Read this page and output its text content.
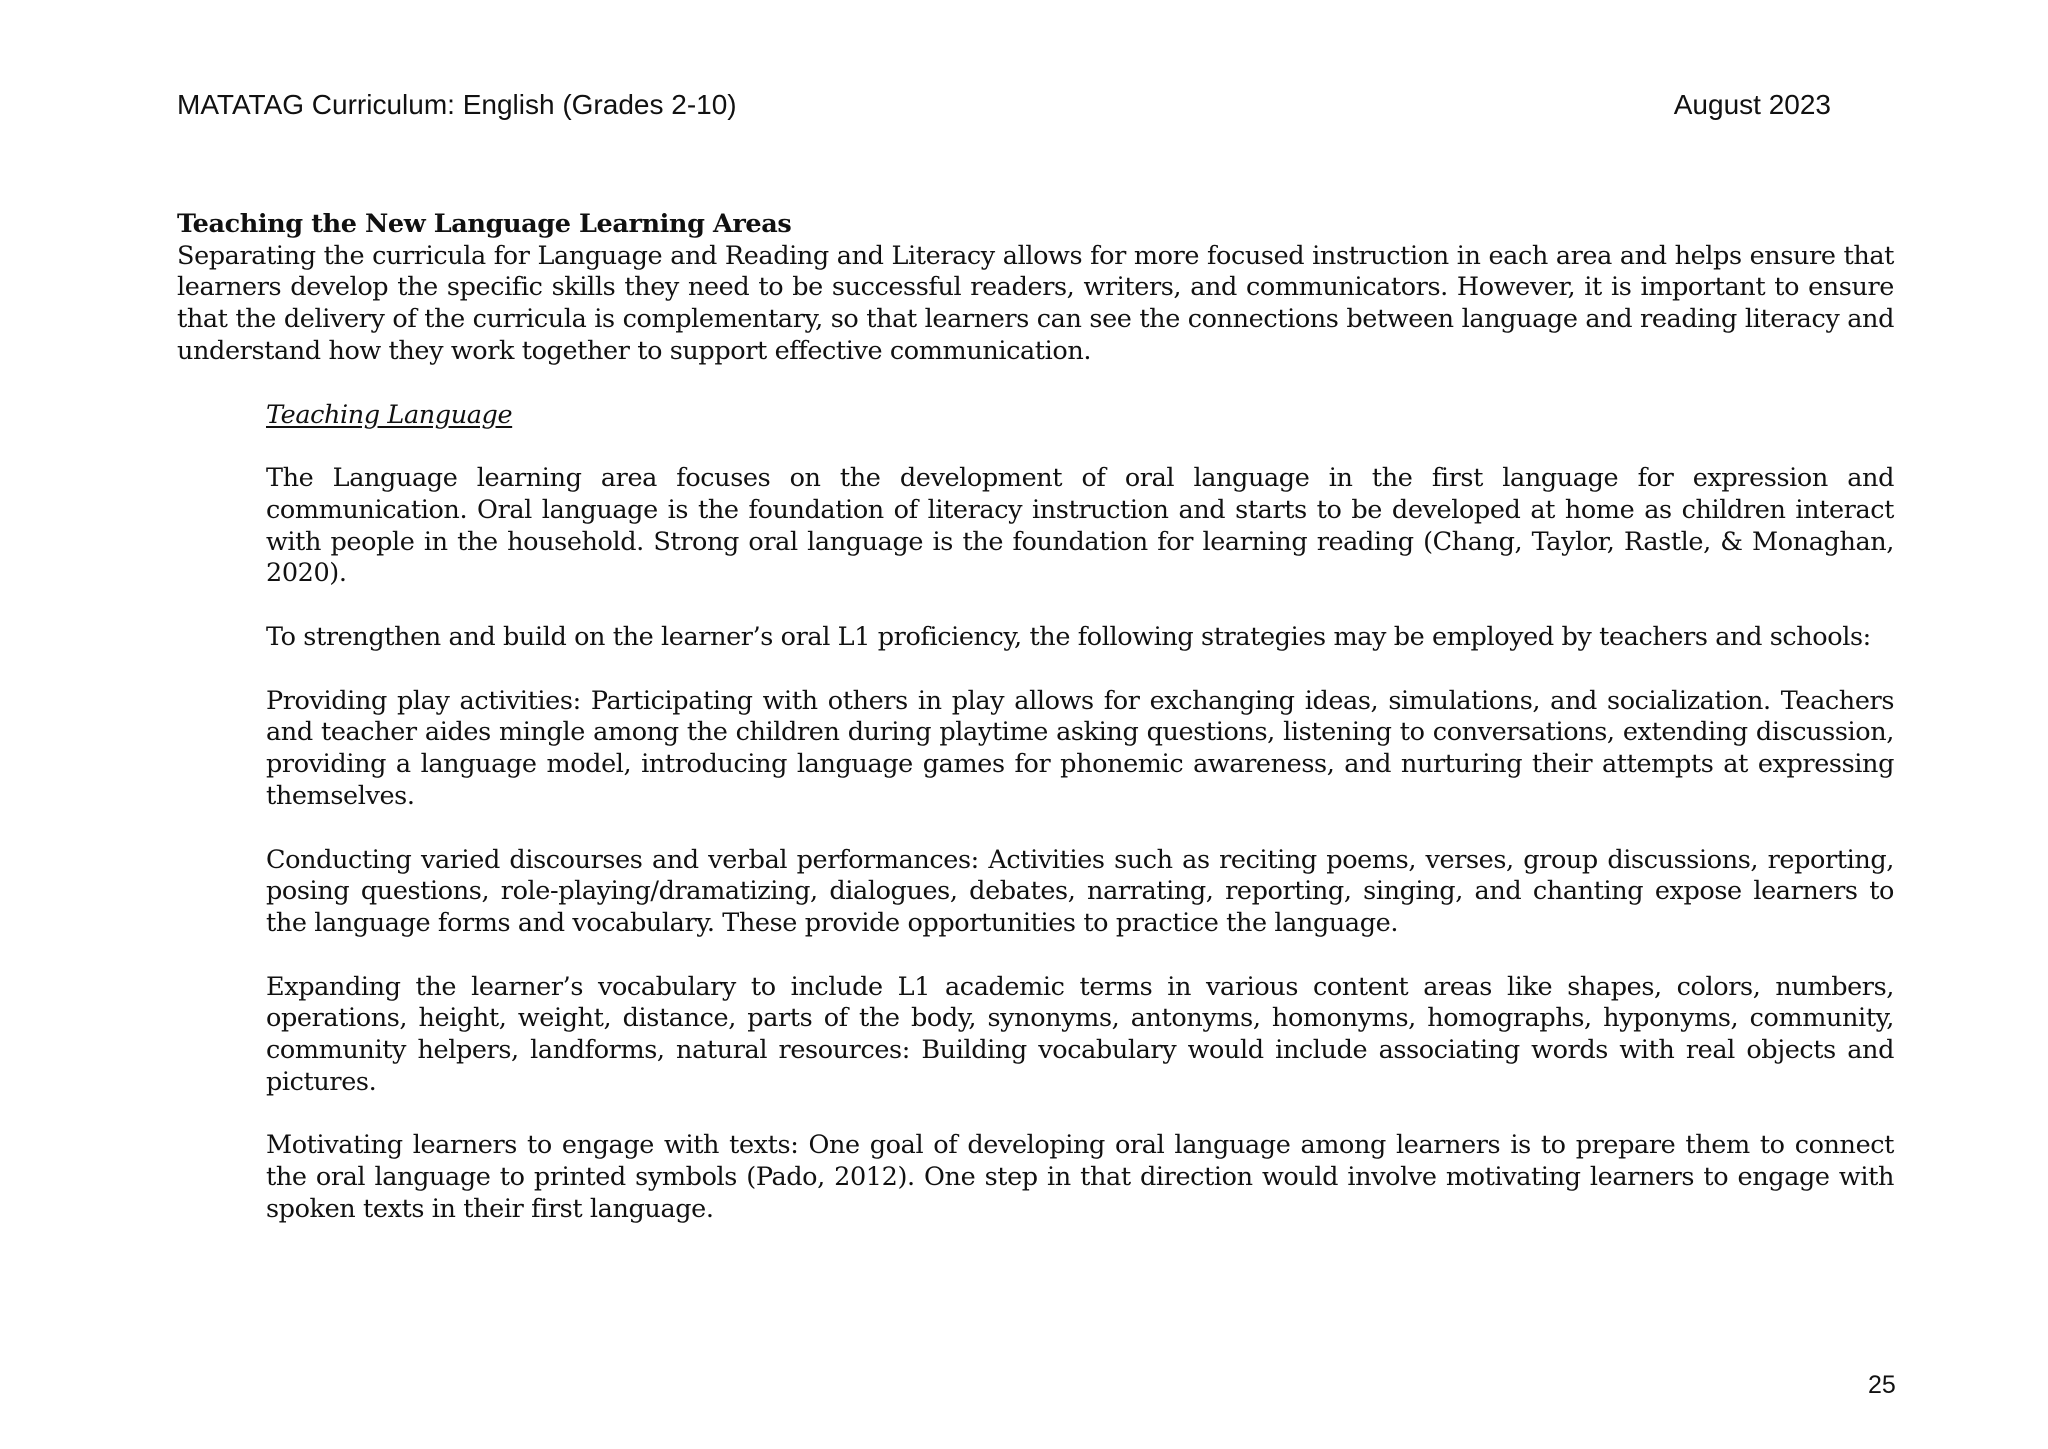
MATATAG Curriculum: English (Grades 2-10)	August 2023

Teaching the New Language Learning Areas

Separating the curricula for Language and Reading and Literacy allows for more focused instruction in each area and helps ensure that learners develop the specific skills they need to be successful readers, writers, and communicators. However, it is important to ensure that the delivery of the curricula is complementary, so that learners can see the connections between language and reading literacy and understand how they work together to support effective communication.

Teaching Language

The Language learning area focuses on the development of oral language in the first language for expression and communication. Oral language is the foundation of literacy instruction and starts to be developed at home as children interact with people in the household. Strong oral language is the foundation for learning reading (Chang, Taylor, Rastle, & Monaghan, 2020).

To strengthen and build on the learner’s oral L1 proficiency, the following strategies may be employed by teachers and schools:

Providing play activities: Participating with others in play allows for exchanging ideas, simulations, and socialization. Teachers and teacher aides mingle among the children during playtime asking questions, listening to conversations, extending discussion, providing a language model, introducing language games for phonemic awareness, and nurturing their attempts at expressing themselves.

Conducting varied discourses and verbal performances: Activities such as reciting poems, verses, group discussions, reporting, posing questions, role-playing/dramatizing, dialogues, debates, narrating, reporting, singing, and chanting expose learners to the language forms and vocabulary. These provide opportunities to practice the language.

Expanding the learner’s vocabulary to include L1 academic terms in various content areas like shapes, colors, numbers, operations, height, weight, distance, parts of the body, synonyms, antonyms, homonyms, homographs, hyponyms, community, community helpers, landforms, natural resources: Building vocabulary would include associating words with real objects and pictures.

Motivating learners to engage with texts: One goal of developing oral language among learners is to prepare them to connect the oral language to printed symbols (Pado, 2012). One step in that direction would involve motivating learners to engage with spoken texts in their first language.

25
